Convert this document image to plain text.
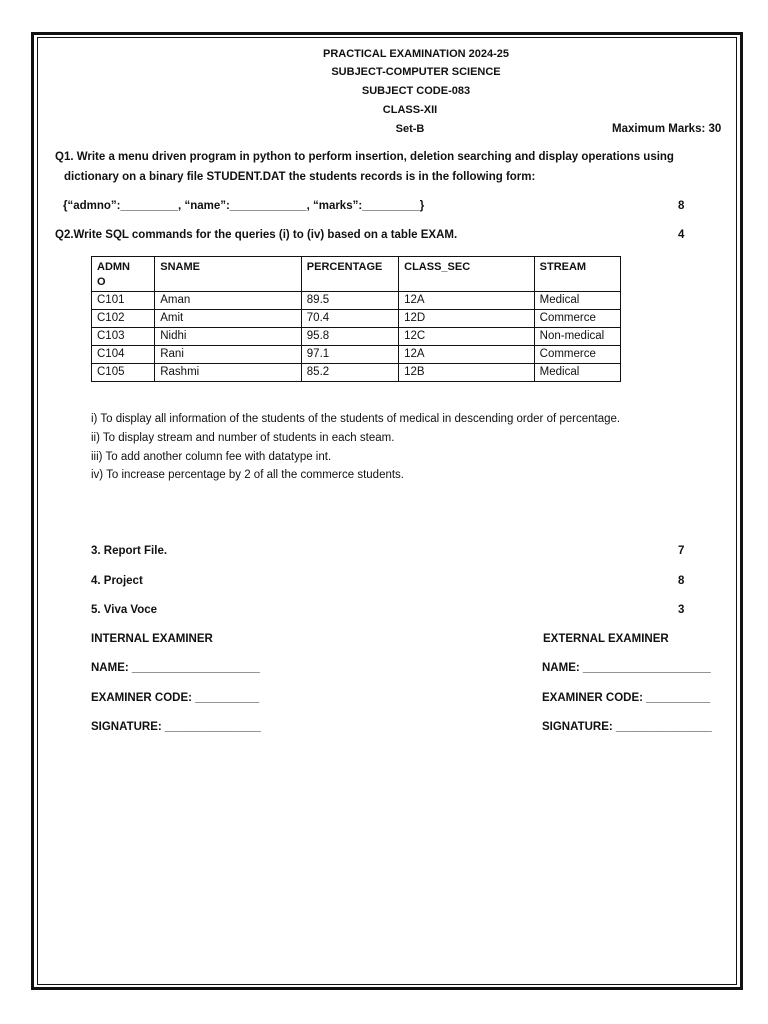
PRACTICAL EXAMINATION 2024-25
SUBJECT-COMPUTER SCIENCE
SUBJECT CODE-083
CLASS-XII
Set-B	Maximum Marks: 30
Q1. Write a menu driven program in python to perform insertion, deletion searching and display operations using
dictionary on a binary file STUDENT.DAT the students records is in the following form:
{“admno”:_________, “name”:____________, “marks”:_________}	8
Q2.Write SQL commands for the queries (i) to (iv) based on a table EXAM.	4
ADMN
O	SNAME	PERCENTAGE	CLASS_SEC	STREAM
C101	Aman	89.5	12A	Medical
C102	Amit	70.4	12D	Commerce
C103	Nidhi	95.8	12C	Non-medical
C104	Rani	97.1	12A	Commerce
C105	Rashmi	85.2	12B	Medical
i) To display all information of the students of the students of medical in descending order of percentage.
ii) To display stream and number of students in each steam.
iii) To add another column fee with datatype int.
iv) To increase percentage by 2 of all the commerce students.
3. Report File.	7
4. Project	8
5. Viva Voce	3
INTERNAL EXAMINER	EXTERNAL EXAMINER
NAME: ____________________	NAME: ____________________
EXAMINER CODE: __________	EXAMINER CODE: __________
SIGNATURE: _______________	SIGNATURE: _______________
